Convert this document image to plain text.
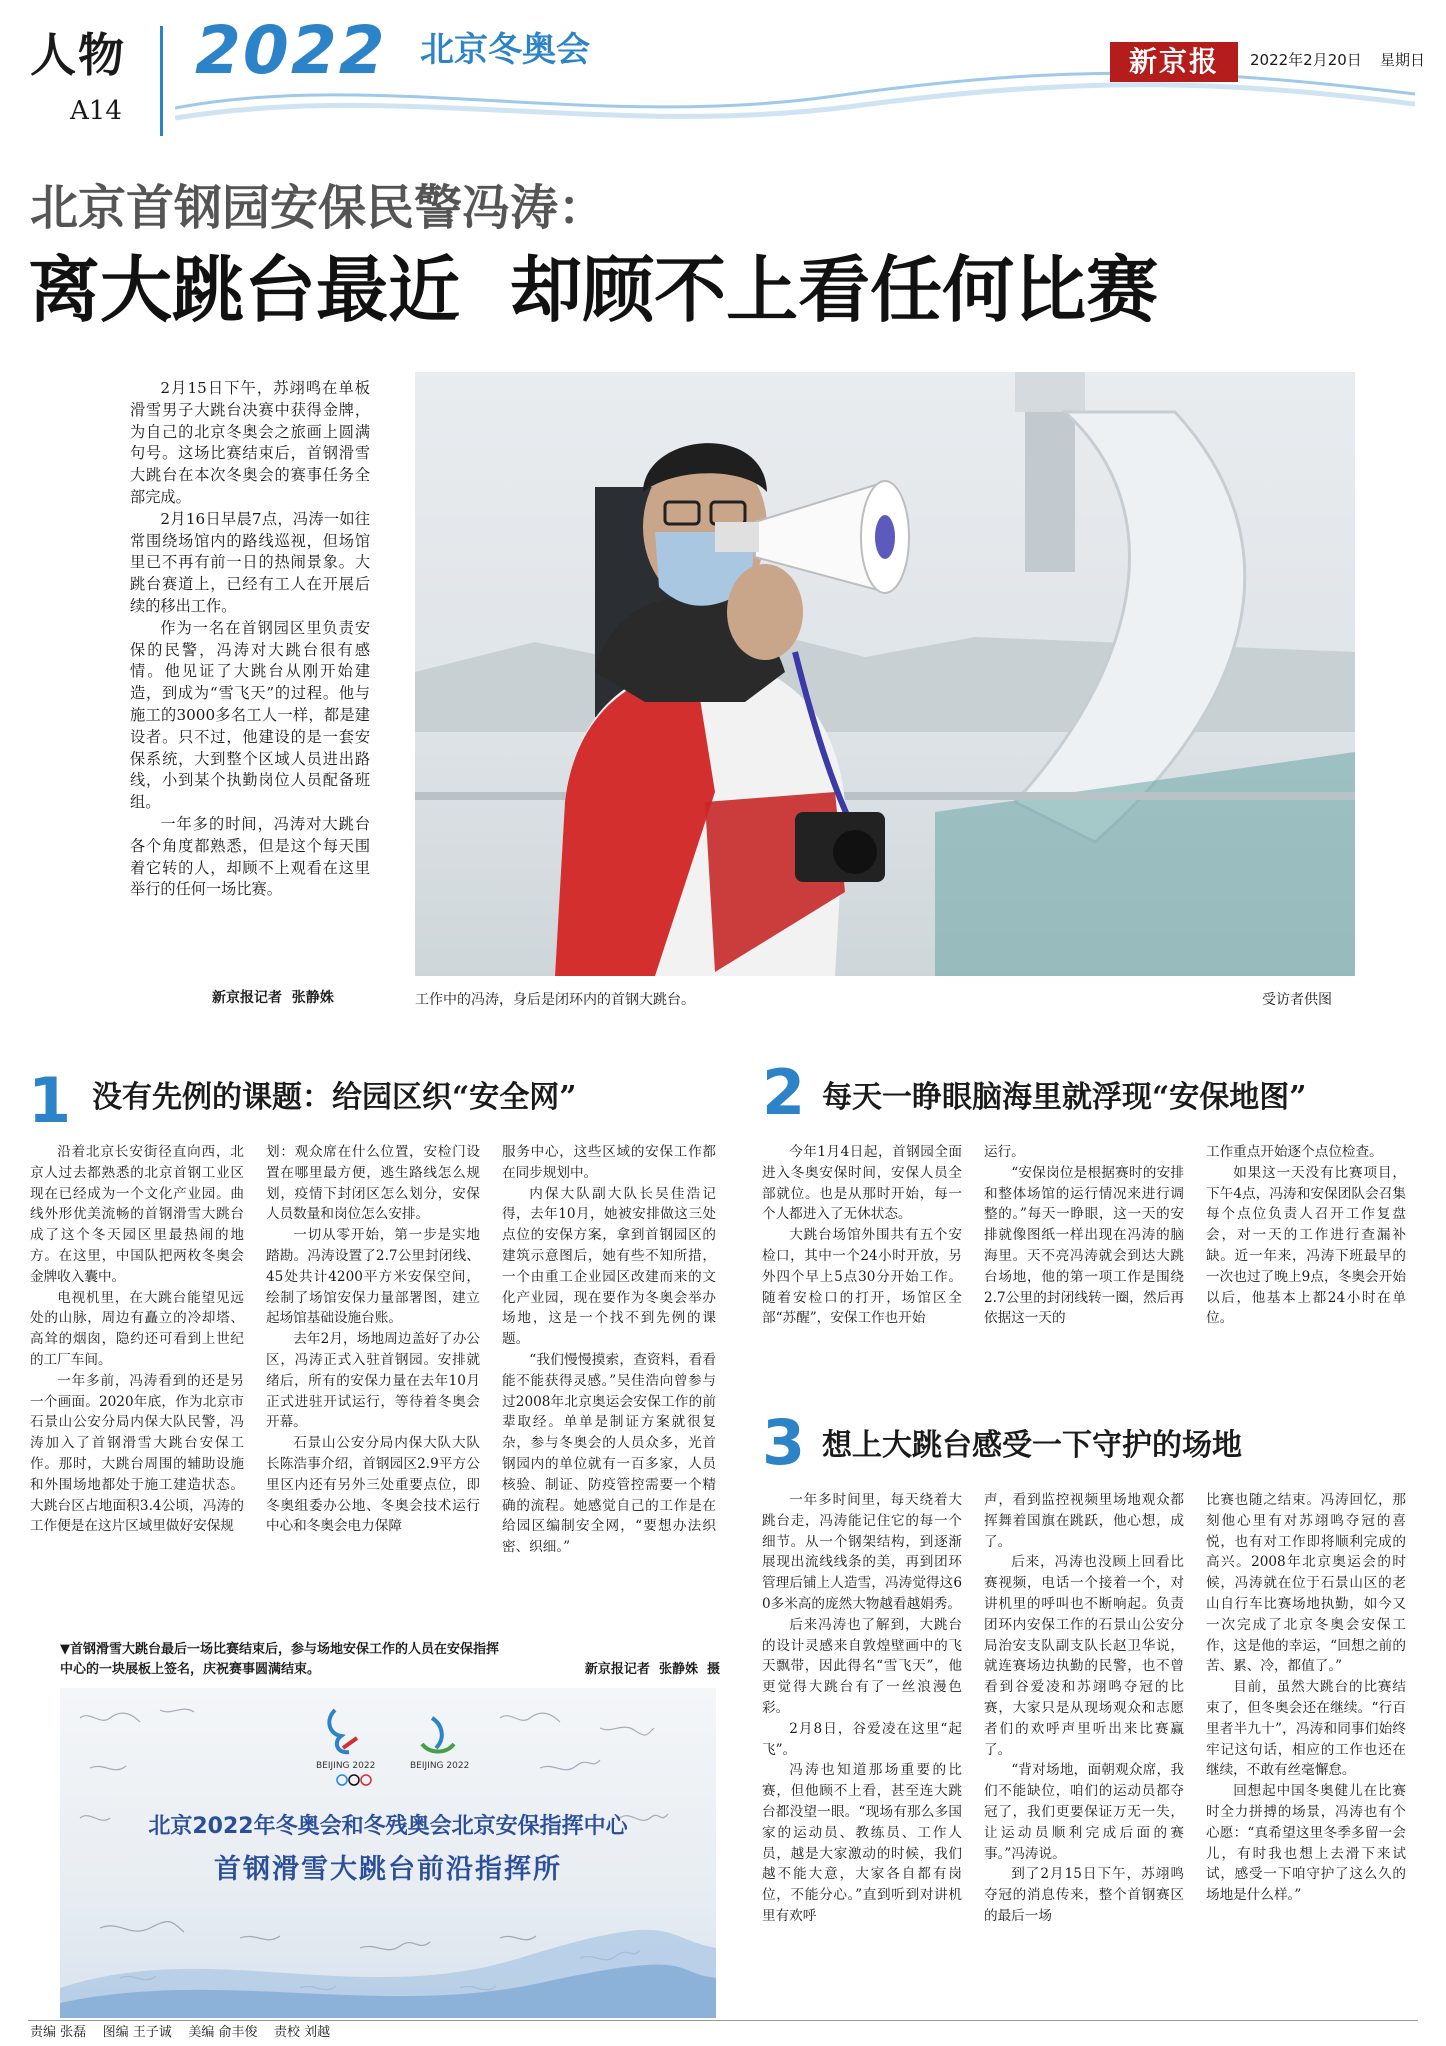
人物
A14
2022 北京冬奥会	新京报	2022年2月20日 星期日
北京首钢园安保民警冯涛：
离大跳台最近  却顾不上看任何比赛

2月15日下午，苏翊鸣在单板滑雪男子大跳台决赛中获得金牌，为自己的北京冬奥会之旅画上圆满句号。这场比赛结束后，首钢滑雪大跳台在本次冬奥会的赛事任务全部完成。

2月16日早晨7点，冯涛一如往常围绕场馆内的路线巡视，但场馆里已不再有前一日的热闹景象。大跳台赛道上，已经有工人在开展后续的移出工作。

作为一名在首钢园区里负责安保的民警，冯涛对大跳台很有感情。他见证了大跳台从刚开始建造，到成为“雪飞天”的过程。他与施工的3000多名工人一样，都是建设者。只不过，他建设的是一套安保系统，大到整个区域人员进出路线，小到某个执勤岗位人员配备班组。

一年多的时间，冯涛对大跳台各个角度都熟悉，但是这个每天围着它转的人，却顾不上观看在这里举行的任何一场比赛。

新京报记者  张静姝	工作中的冯涛，身后是闭环内的首钢大跳台。	受访者供图
1 没有先例的课题：给园区织“安全网”

沿着北京长安街径直向西，北京人过去都熟悉的北京首钢工业区现在已经成为一个文化产业园。曲线外形优美流畅的首钢滑雪大跳台成了这个冬天园区里最热闹的地方。在这里，中国队把两枚冬奥会金牌收入囊中。

电视机里，在大跳台能望见远处的山脉，周边有矗立的冷却塔、高耸的烟囱，隐约还可看到上世纪的工厂车间。

一年多前，冯涛看到的还是另一个画面。2020年底，作为北京市石景山公安分局内保大队民警，冯涛加入了首钢滑雪大跳台安保工作。那时，大跳台周围的辅助设施和外围场地都处于施工建造状态。大跳台区占地面积3.4公顷，冯涛的工作便是在这片区域里做好安保规

划：观众席在什么位置，安检门设置在哪里最方便，逃生路线怎么规划，疫情下封闭区怎么划分，安保人员数量和岗位怎么安排。

一切从零开始，第一步是实地踏勘。冯涛设置了2.7公里封闭线、45处共计4200平方米安保空间，绘制了场馆安保力量部署图，建立起场馆基础设施台账。

去年2月，场地周边盖好了办公区，冯涛正式入驻首钢园。安排就绪后，所有的安保力量在去年10月正式进驻开试运行，等待着冬奥会开幕。

石景山公安分局内保大队大队长陈浩事介绍，首钢园区2.9平方公里区内还有另外三处重要点位，即冬奥组委办公地、冬奥会技术运行中心和冬奥会电力保障

服务中心，这些区域的安保工作都在同步规划中。

内保大队副大队长吴佳浩记得，去年10月，她被安排做这三处点位的安保方案，拿到首钢园区的建筑示意图后，她有些不知所措，一个由重工企业园区改建而来的文化产业园，现在要作为冬奥会举办场地，这是一个找不到先例的课题。

“我们慢慢摸索，查资料，看看能不能获得灵感。”吴佳浩向曾参与过2008年北京奥运会安保工作的前辈取经。单单是制证方案就很复杂，参与冬奥会的人员众多，光首钢园内的单位就有一百多家，人员核验、制证、防疫管控需要一个精确的流程。她感觉自己的工作是在给园区编制安全网，“要想办法织密、织细。”

▼首钢滑雪大跳台最后一场比赛结束后，参与场地安保工作的人员在安保指挥
中心的一块展板上签名，庆祝赛事圆满结束。	新京报记者  张静姝  摄
BEIJING 2022	BEIJING 2022
北京2022年冬奥会和冬残奥会北京安保指挥中心
首钢滑雪大跳台前沿指挥所
2 每天一睁眼脑海里就浮现“安保地图”

今年1月4日起，首钢园全面进入冬奥安保时间，安保人员全部就位。也是从那时开始，每一个人都进入了无休状态。

大跳台场馆外围共有五个安检口，其中一个24小时开放，另外四个早上5点30分开始工作。随着安检口的打开，场馆区全部“苏醒”，安保工作也开始

运行。

“安保岗位是根据赛时的安排和整体场馆的运行情况来进行调整的。”每天一睁眼，这一天的安排就像图纸一样出现在冯涛的脑海里。天不亮冯涛就会到达大跳台场地，他的第一项工作是围绕2.7公里的封闭线转一圈，然后再依据这一天的

工作重点开始逐个点位检查。

如果这一天没有比赛项目，下午4点，冯涛和安保团队会召集每个点位负责人召开工作复盘会，对一天的工作进行查漏补缺。近一年来，冯涛下班最早的一次也过了晚上9点，冬奥会开始以后，他基本上都24小时在单位。

3 想上大跳台感受一下守护的场地

一年多时间里，每天绕着大跳台走，冯涛能记住它的每一个细节。从一个钢架结构，到逐渐展现出流线线条的美，再到团环管理后铺上人造雪，冯涛觉得这60多米高的庞然大物越看越娟秀。

后来冯涛也了解到，大跳台的设计灵感来自敦煌壁画中的飞天飘带，因此得名“雪飞天”，他更觉得大跳台有了一丝浪漫色彩。

2月8日，谷爱凌在这里“起飞”。

冯涛也知道那场重要的比赛，但他顾不上看，甚至连大跳台都没望一眼。“现场有那么多国家的运动员、教练员、工作人员，越是大家激动的时候，我们越不能大意，大家各自都有岗位，不能分心。”直到听到对讲机里有欢呼

声，看到监控视频里场地观众都挥舞着国旗在跳跃，他心想，成了。

后来，冯涛也没顾上回看比赛视频，电话一个接着一个，对讲机里的呼叫也不断响起。负责团环内安保工作的石景山公安分局治安支队副支队长赵卫华说，就连赛场边执勤的民警，也不曾看到谷爱凌和苏翊鸣夺冠的比赛，大家只是从现场观众和志愿者们的欢呼声里听出来比赛赢了。

“背对场地，面朝观众席，我们不能缺位，咱们的运动员都夺冠了，我们更要保证万无一失，让运动员顺利完成后面的赛事。”冯涛说。

到了2月15日下午，苏翊鸣夺冠的消息传来，整个首钢赛区的最后一场

比赛也随之结束。冯涛回忆，那刻他心里有对苏翊鸣夺冠的喜悦，也有对工作即将顺利完成的高兴。2008年北京奥运会的时候，冯涛就在位于石景山区的老山自行车比赛场地执勤，如今又一次完成了北京冬奥会安保工作，这是他的幸运，“回想之前的苦、累、冷，都值了。”

目前，虽然大跳台的比赛结束了，但冬奥会还在继续。“行百里者半九十”，冯涛和同事们始终牢记这句话，相应的工作也还在继续，不敢有丝毫懈怠。

回想起中国冬奥健儿在比赛时全力拼搏的场景，冯涛也有个心愿：“真希望这里冬季多留一会儿，有时我也想上去滑下来试试，感受一下咱守护了这么久的场地是什么样。”

责编 张磊    图编 王子诚    美编 俞丰俊    责校 刘越
